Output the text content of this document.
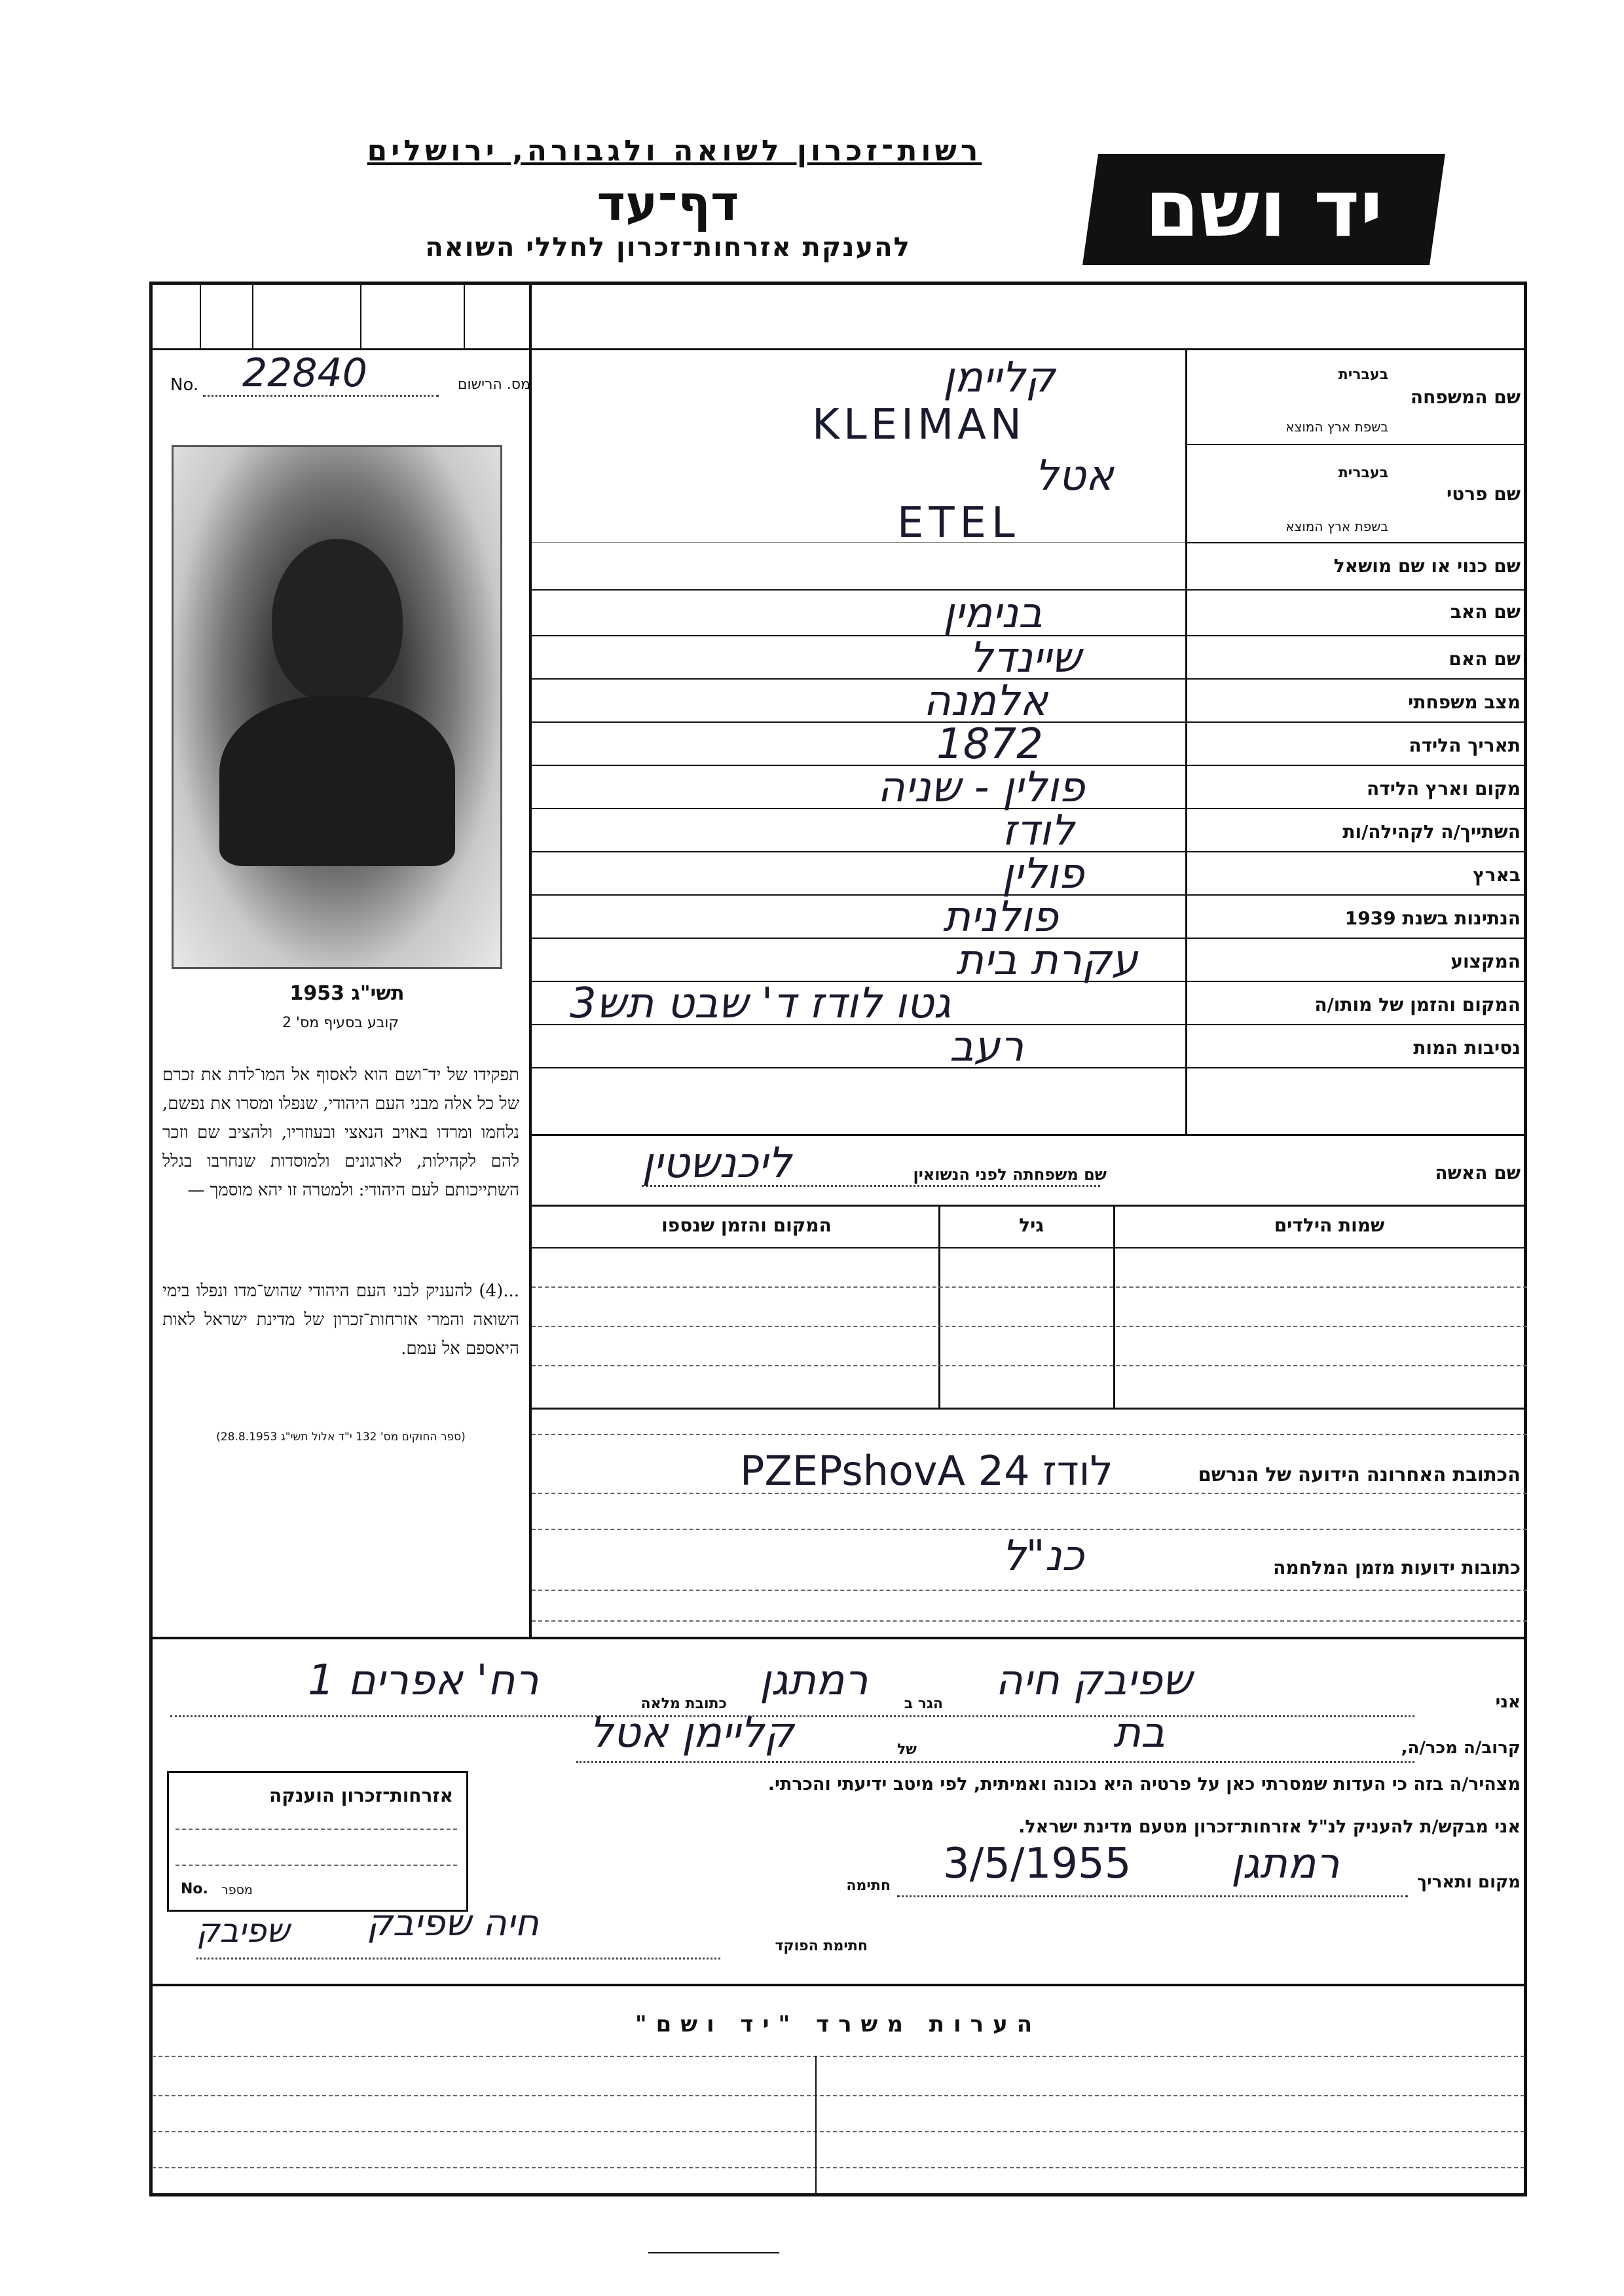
רשות־זכרון לשואה ולגבורה, ירושלים
דף־עד
להענקת אזרחות־זכרון לחללי השואה	יד ושם
No. 22840	מס. הרישום
תשי"ג 1953
קובע בסעיף מס' 2
תפקידו של יד־ושם הוא לאסוף אל המו־לדת את זכרם של כל אלה מבני העם היהודי, שנפלו ומסרו את נפשם, נלחמו ומרדו באויב הנאצי ובעוזריו, ולהציב שם וזכר להם לקהילות, לארגונים ולמוסדות שנחרבו בגלל השתייכותם לעם היהודי: ולמטרה זו יהא מוסמך —
...(4) להעניק לבני העם היהודי שהוש־מדו ונפלו בימי השואה והמרי אזרחות־זכרון של מדינת ישראל לאות היאספם אל עמם.
(ספר החוקים מס' 132 י"ד אלול תשי"ג 28.8.1953)
שם המשפחה
בעברית
בשפת ארץ המוצא
שם פרטי
בעברית
בשפת ארץ המוצא
שם כנוי או שם מושאל
שם האב
שם האם
מצב משפחתי
תאריך הלידה
מקום וארץ הלידה
השתייך/ה לקהילה/ות
בארץ
הנתינות בשנת 1939
המקצוע
המקום והזמן של מותו/ה
נסיבות המות
קליימן
KLEIMAN
אטל
ETEL
בנימין
שיינדל
אלמנה
1872
פולין - שניה
לודז
פולין
פולנית
עקרת בית
גטו לודז ד' שבט תש3
רעב
שם האשה
שם משפחתה לפני הנשואין
ליכנשטין
שמות הילדים
גיל
המקום והזמן שנספו
הכתובת האחרונה הידועה של הנרשם
PZEPshovA 24 לודז
כתובות ידועות מזמן המלחמה
כנ"ל
אני
שפיבק חיה
הגר ב
רמתגן
כתובת מלאה
רח' אפרים 1
קרוב/ה מכר/ה,
בת
של
קליימן אטל
מצהיר/ה בזה כי העדות שמסרתי כאן על פרטיה היא נכונה ואמיתית, לפי מיטב ידיעתי והכרתי.
אני מבקש/ת להעניק לנ"ל אזרחות־זכרון מטעם מדינת ישראל.
מקום ותאריך
רמתגן
3/5/1955
חתימה
חתימת הפוקד
חיה שפיבק
שפיבק
אזרחות־זכרון הוענקה
No. מספר
הערות משרד "יד ושם"
